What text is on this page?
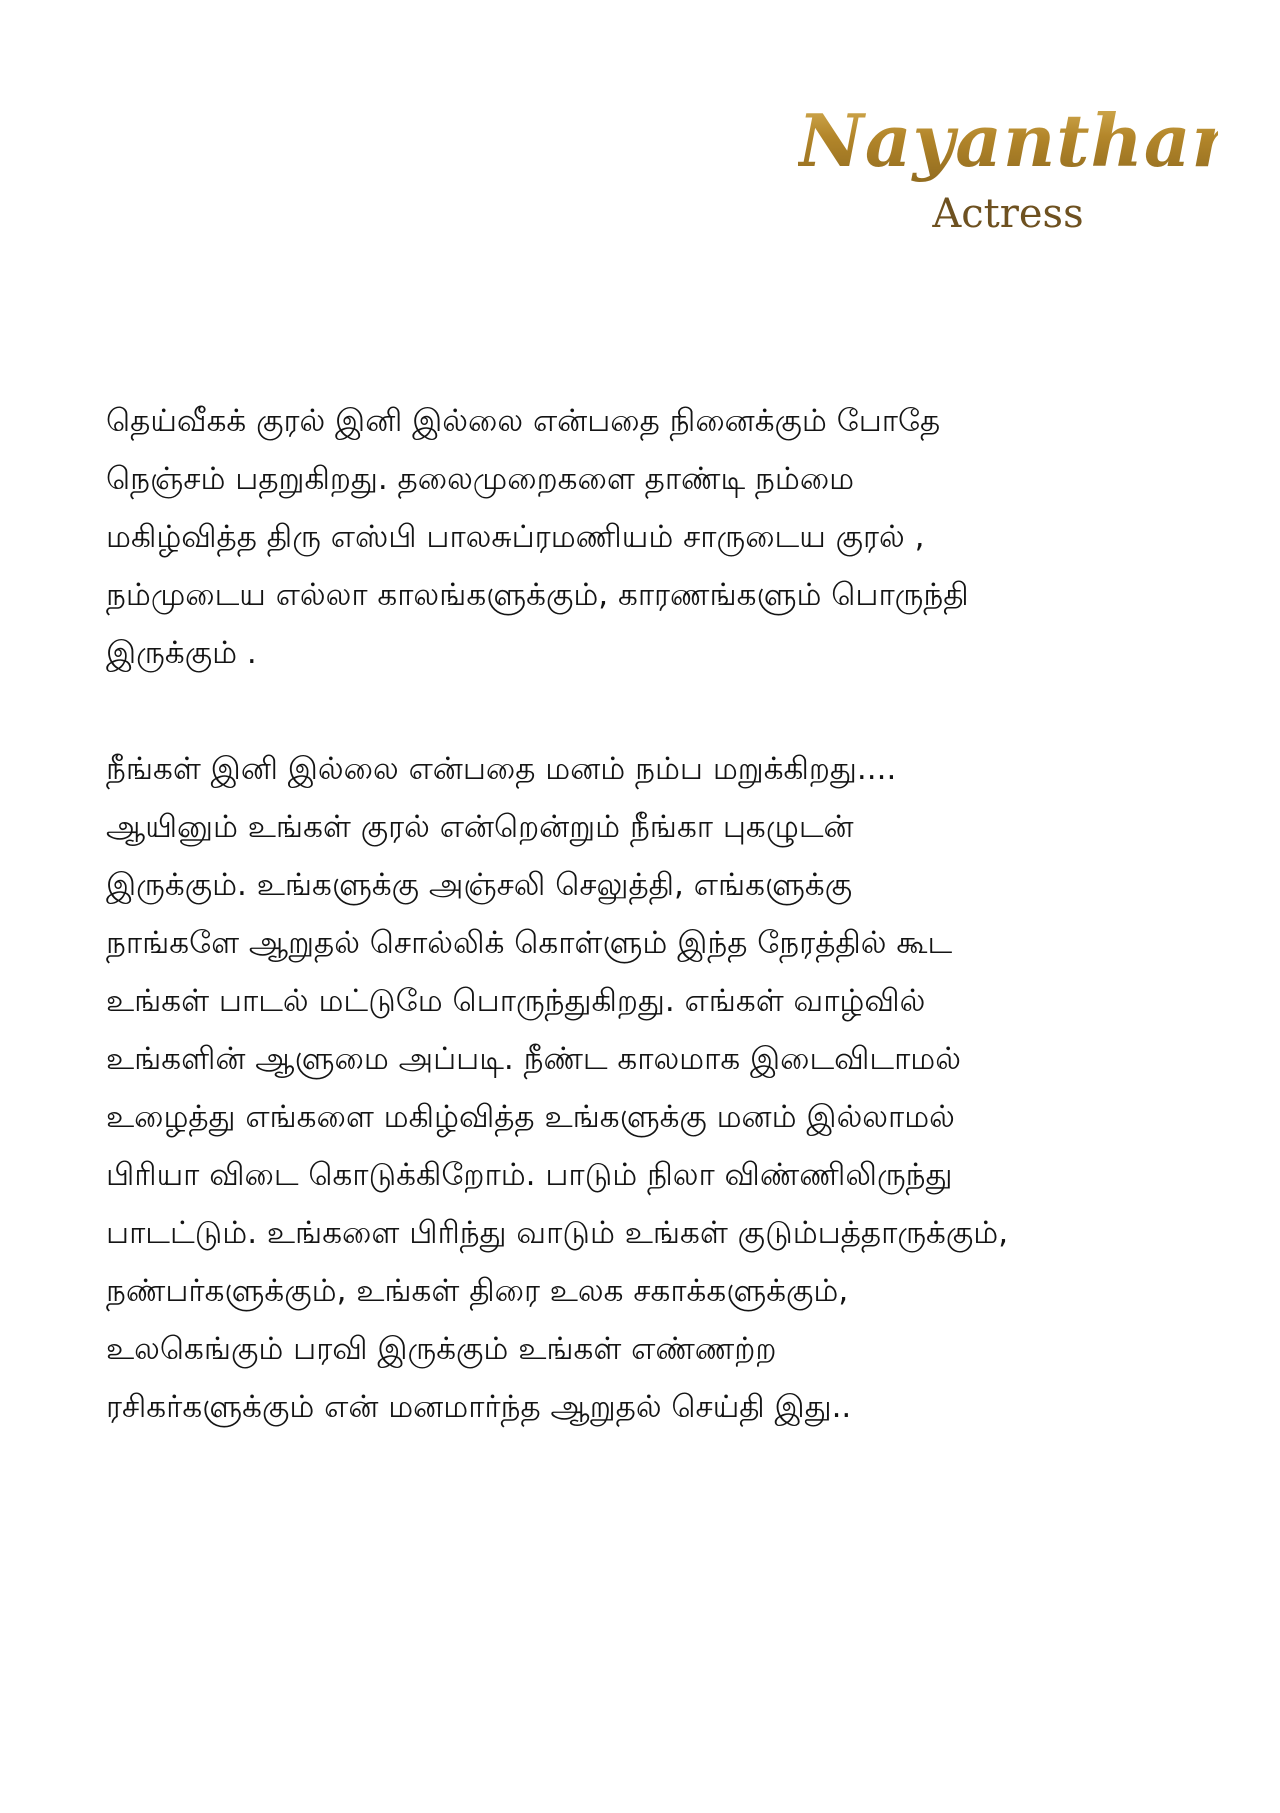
Nayanthara
Actress

தெய்வீகக் குரல் இனி இல்லை என்பதை நினைக்கும் போதே
நெஞ்சம் பதறுகிறது. தலைமுறைகளை தாண்டி நம்மை
மகிழ்வித்த திரு எஸ்பி பாலசுப்ரமணியம் சாருடைய குரல் ,
நம்முடைய எல்லா காலங்களுக்கும், காரணங்களும் பொருந்தி
இருக்கும் .

நீங்கள் இனி இல்லை என்பதை மனம் நம்ப மறுக்கிறது....
ஆயினும் உங்கள் குரல் என்றென்றும் நீங்கா புகழுடன்
இருக்கும். உங்களுக்கு அஞ்சலி செலுத்தி, எங்களுக்கு
நாங்களே ஆறுதல் சொல்லிக் கொள்ளும் இந்த நேரத்தில் கூட
உங்கள் பாடல் மட்டுமே பொருந்துகிறது. எங்கள் வாழ்வில்
உங்களின் ஆளுமை அப்படி. நீண்ட காலமாக இடைவிடாமல்
உழைத்து எங்களை மகிழ்வித்த உங்களுக்கு மனம் இல்லாமல்
பிரியா விடை கொடுக்கிறோம். பாடும் நிலா விண்ணிலிருந்து
பாடட்டும். உங்களை பிரிந்து வாடும் உங்கள் குடும்பத்தாருக்கும்,
நண்பர்களுக்கும், உங்கள் திரை உலக சகாக்களுக்கும்,
உலகெங்கும் பரவி இருக்கும் உங்கள் எண்ணற்ற
ரசிகர்களுக்கும் என் மனமார்ந்த ஆறுதல் செய்தி இது..
